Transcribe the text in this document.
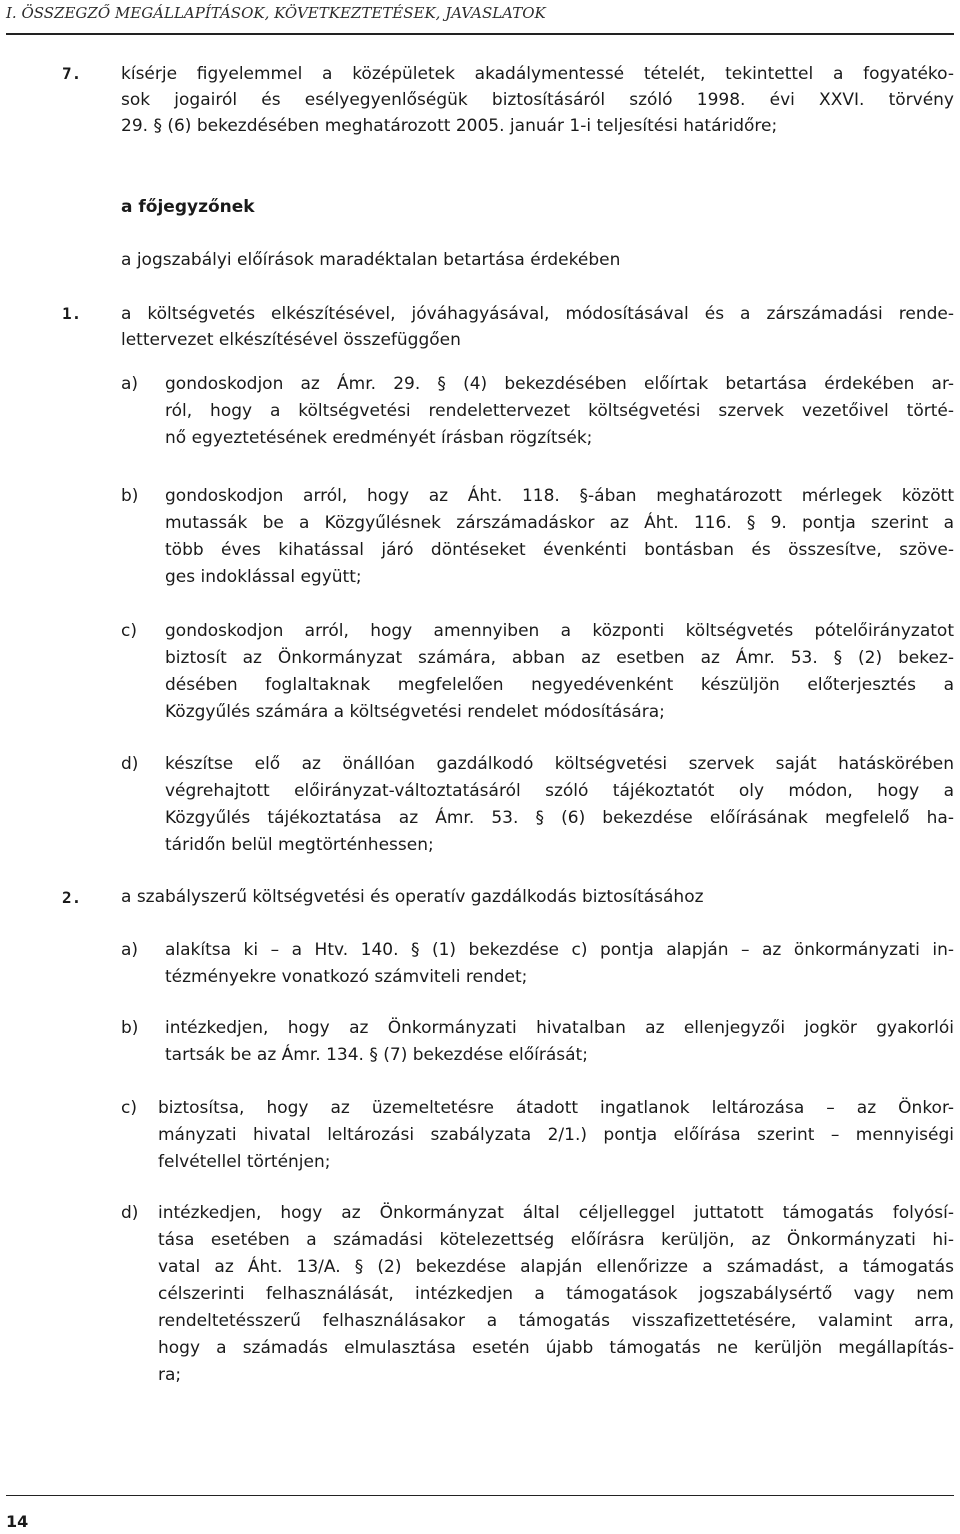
I. ÖSSZEGZŐ MEGÁLLAPÍTÁSOK, KÖVETKEZTETÉSEK, JAVASLATOK
7. kísérje figyelemmel a középületek akadálymentessé tételét, tekintettel a fogyatéko-
sok jogairól és esélyegyenlőségük biztosításáról szóló 1998. évi XXVI. törvény
29. § (6) bekezdésében meghatározott 2005. január 1-i teljesítési határidőre;

a főjegyzőnek
a jogszabályi előírások maradéktalan betartása érdekében
1. a költségvetés elkészítésével, jóváhagyásával, módosításával és a zárszámadási rende-
lettervezet elkészítésével összefüggően

a) gondoskodjon az Ámr. 29. § (4) bekezdésében előírtak betartása érdekében ar-
ról, hogy a költségvetési rendelettervezet költségvetési szervek vezetőivel törté-
nő egyeztetésének eredményét írásban rögzítsék;

b) gondoskodjon arról, hogy az Áht. 118. §-ában meghatározott mérlegek között
mutassák be a Közgyűlésnek zárszámadáskor az Áht. 116. § 9. pontja szerint a
több éves kihatással járó döntéseket évenkénti bontásban és összesítve, szöve-
ges indoklással együtt;

c) gondoskodjon arról, hogy amennyiben a központi költségvetés pótelőirányzatot
biztosít az Önkormányzat számára, abban az esetben az Ámr. 53. § (2) bekez-
désében foglaltaknak megfelelően negyedévenként készüljön előterjesztés a
Közgyűlés számára a költségvetési rendelet módosítására;

d) készítse elő az önállóan gazdálkodó költségvetési szervek saját hatáskörében
végrehajtott előirányzat-változtatásáról szóló tájékoztatót oly módon, hogy a
Közgyűlés tájékoztatása az Ámr. 53. § (6) bekezdése előírásának megfelelő ha-
táridőn belül megtörténhessen;

2. a szabályszerű költségvetési és operatív gazdálkodás biztosításához
a) alakítsa ki – a Htv. 140. § (1) bekezdése c) pontja alapján – az önkormányzati in-
tézményekre vonatkozó számviteli rendet;

b) intézkedjen, hogy az Önkormányzati hivatalban az ellenjegyzői jogkör gyakorlói
tartsák be az Ámr. 134. § (7) bekezdése előírását;

c) biztosítsa, hogy az üzemeltetésre átadott ingatlanok leltározása – az Önkor-
mányzati hivatal leltározási szabályzata 2/1.) pontja előírása szerint – mennyiségi
felvétellel történjen;

d) intézkedjen, hogy az Önkormányzat által céljelleggel juttatott támogatás folyósí-
tása esetében a számadási kötelezettség előírásra kerüljön, az Önkormányzati hi-
vatal az Áht. 13/A. § (2) bekezdése alapján ellenőrizze a számadást, a támogatás
célszerinti felhasználását, intézkedjen a támogatások jogszabálysértő vagy nem
rendeltetésszerű felhasználásakor a támogatás visszafizettetésére, valamint arra,
hogy a számadás elmulasztása esetén újabb támogatás ne kerüljön megállapítás-
ra;

14
